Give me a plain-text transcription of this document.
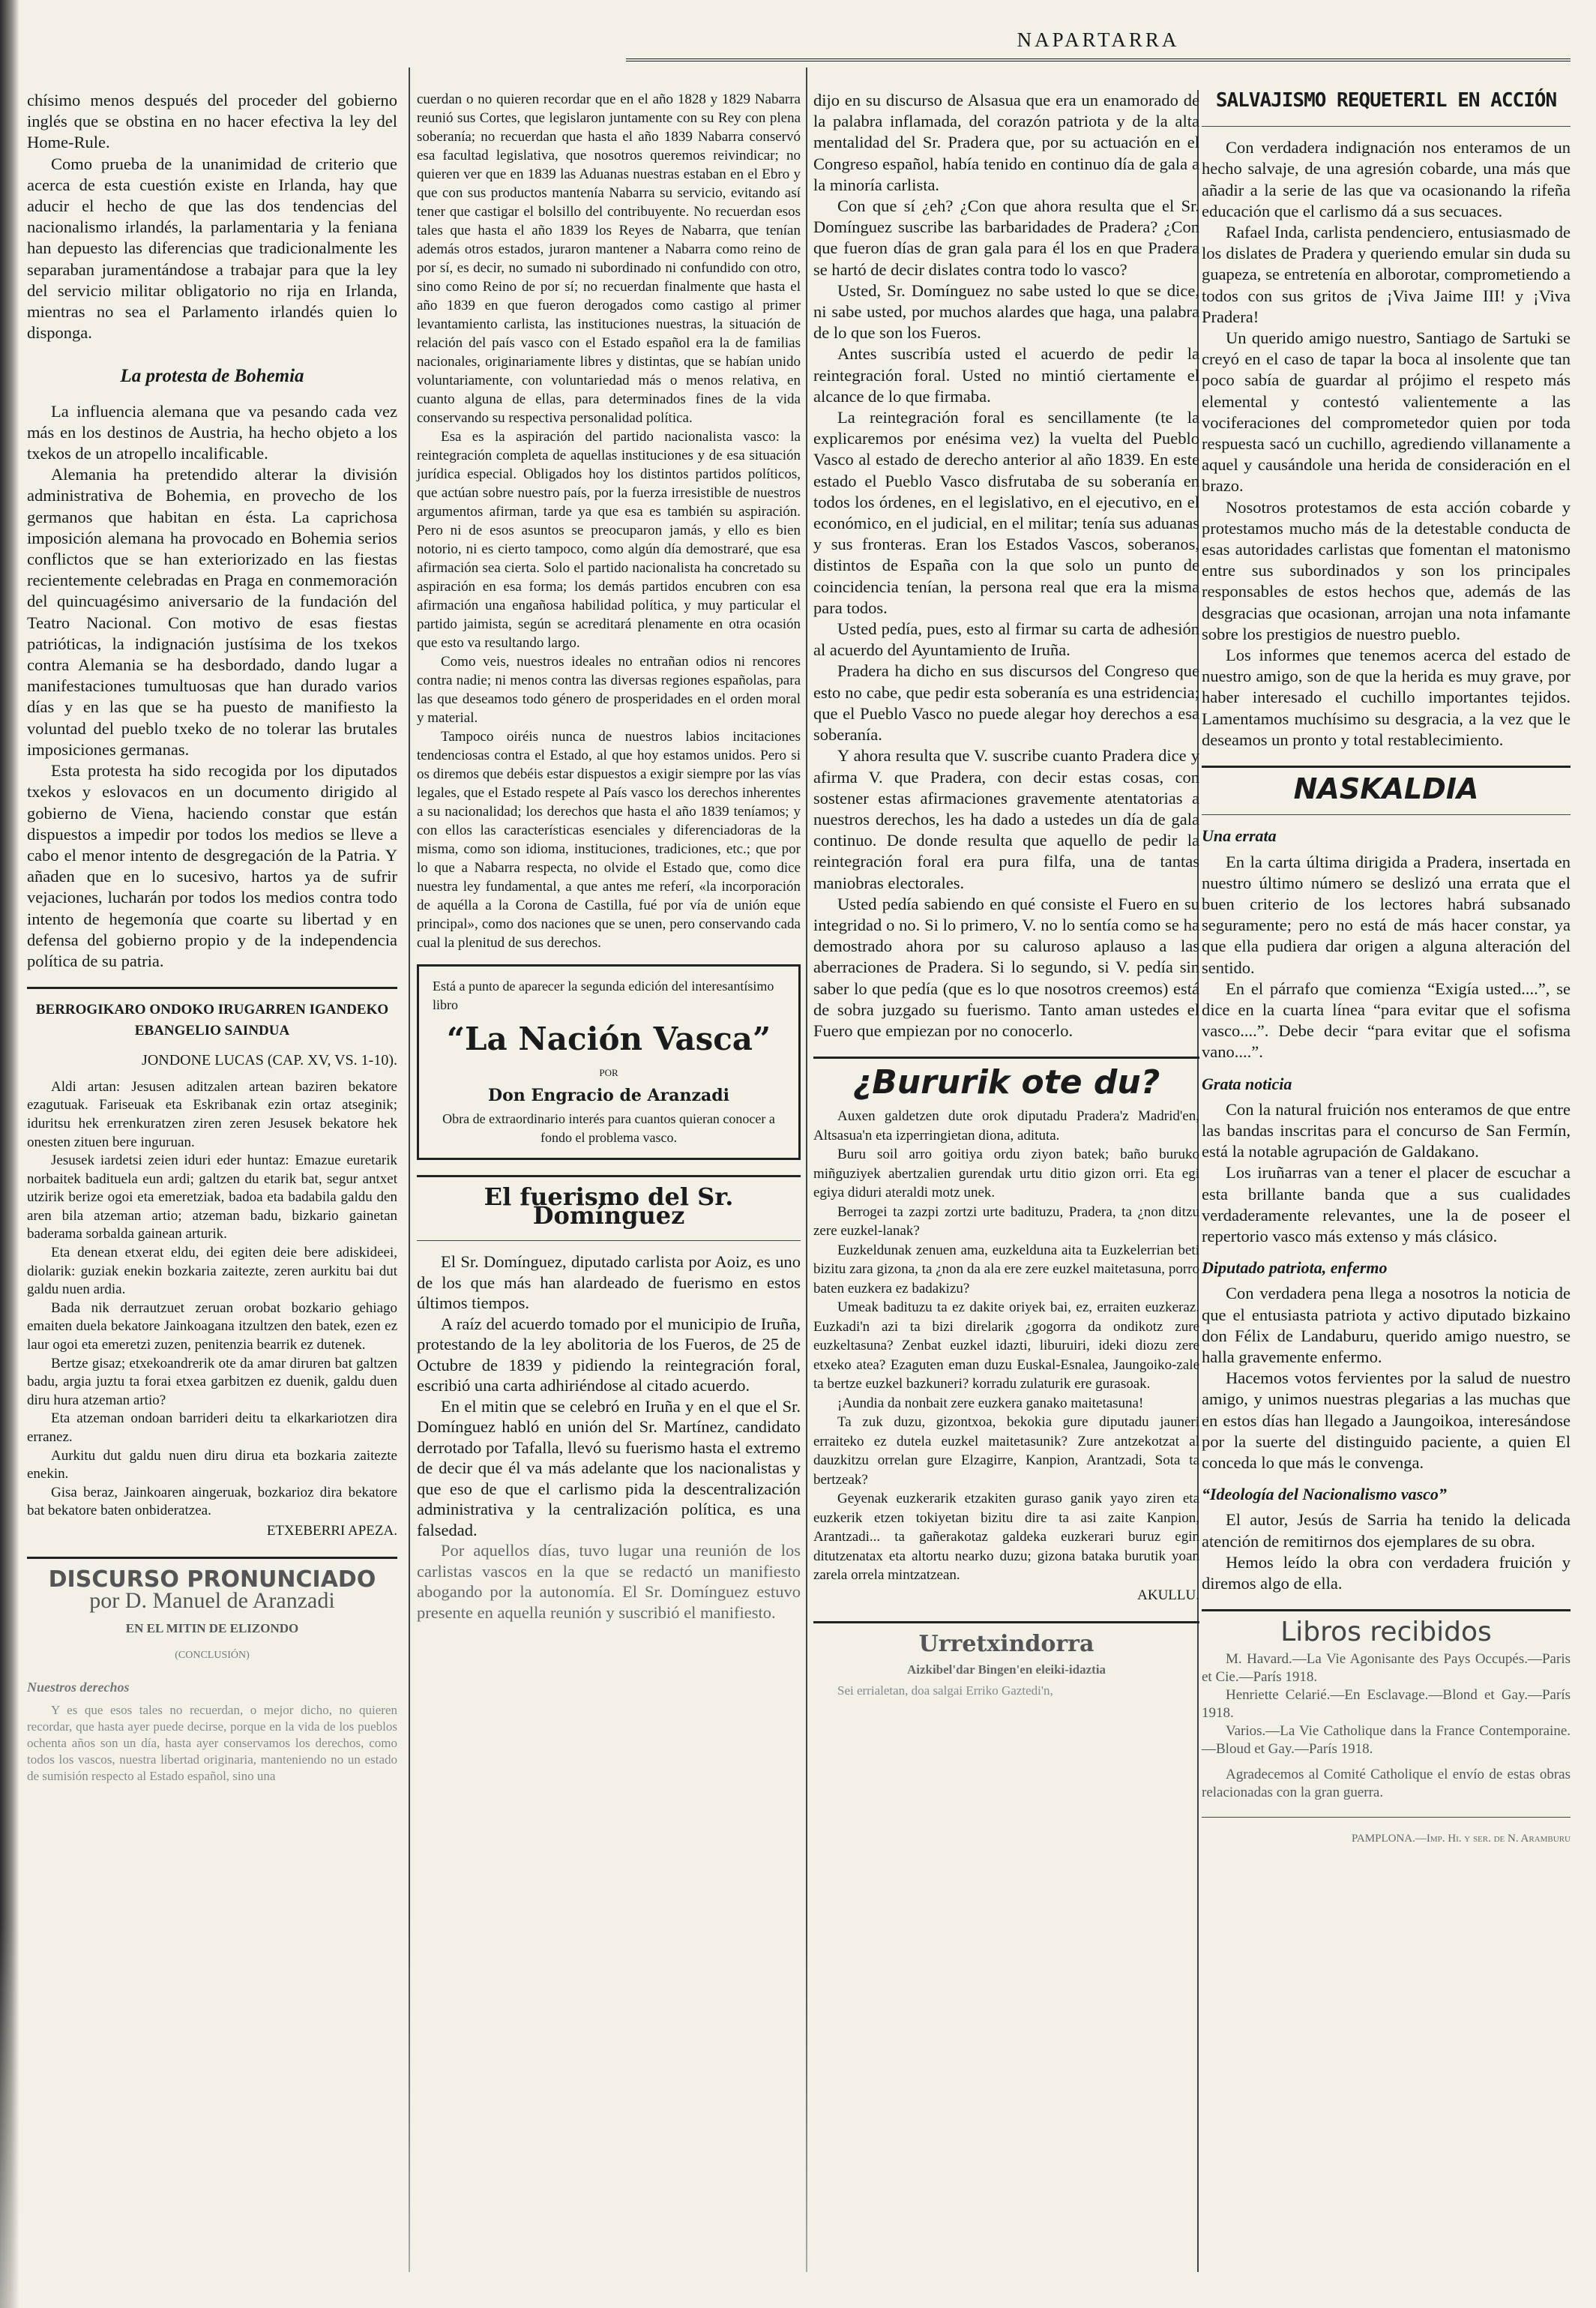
NAPARTARRA

chísimo menos después del proceder del gobierno inglés que se obstina en no hacer efectiva la ley del Home-Rule.

Como prueba de la unanimidad de criterio que acerca de esta cuestión existe en Irlanda, hay que aducir el hecho de que las dos tendencias del nacionalismo irlandés, la parlamentaria y la feniana han depuesto las diferencias que tradicionalmente les separaban juramentándose a trabajar para que la ley del servicio militar obligatorio no rija en Irlanda, mientras no sea el Parlamento irlandés quien lo disponga.

La protesta de Bohemia

La influencia alemana que va pesando cada vez más en los destinos de Austria, ha hecho objeto a los txekos de un atropello incalificable.

Alemania ha pretendido alterar la división administrativa de Bohemia, en provecho de los germanos que habitan en ésta. La caprichosa imposición alemana ha provocado en Bohemia serios conflictos que se han exteriorizado en las fiestas recientemente celebradas en Praga en conmemoración del quincuagésimo aniversario de la fundación del Teatro Nacional. Con motivo de esas fiestas patrióticas, la indignación justísima de los txekos contra Alemania se ha desbordado, dando lugar a manifestaciones tumultuosas que han durado varios días y en las que se ha puesto de manifiesto la voluntad del pueblo txeko de no tolerar las brutales imposiciones germanas.

Esta protesta ha sido recogida por los diputados txekos y eslovacos en un documento dirigido al gobierno de Viena, haciendo constar que están dispuestos a impedir por todos los medios se lleve a cabo el menor intento de desgregación de la Patria. Y añaden que en lo sucesivo, hartos ya de sufrir vejaciones, lucharán por todos los medios contra todo intento de hegemonía que coarte su libertad y en defensa del gobierno propio y de la independencia política de su patria.

BERROGIKARO ONDOKO IRUGARREN IGANDEKO EBANGELIO SAINDUA

JONDONE LUCAS (CAP. XV, VS. 1-10).

Aldi artan: Jesusen aditzalen artean baziren bekatore ezagutuak. Fariseuak eta Eskribanak ezin ortaz atseginik; iduritsu hek errenkuratzen ziren zeren Jesusek bekatore hek onesten zituen bere inguruan.

Jesusek iardetsi zeien iduri eder huntaz: Emazue euretarik norbaitek badituela eun ardi; galtzen du etarik bat, segur antxet utzirik berize ogoi eta emeretziak, badoa eta badabila galdu den aren bila atzeman artio; atzeman badu, bizkario gainetan baderama sorbalda gainean arturik.

Eta denean etxerat eldu, dei egiten deie bere adiskideei, diolarik: guziak enekin bozkaria zaitezte, zeren aurkitu bai dut galdu nuen ardia.

Bada nik derrautzuet zeruan orobat bozkario gehiago emaiten duela bekatore Jainkoagana itzultzen den batek, ezen ez laur ogoi eta emeretzi zuzen, penitenzia bearrik ez dutenek.

Bertze gisaz; etxekoandrerik ote da amar diruren bat galtzen badu, argia juztu ta forai etxea garbitzen ez duenik, galdu duen diru hura atzeman artio?

Eta atzeman ondoan barrideri deitu ta elkarkariotzen dira erranez.

Aurkitu dut galdu nuen diru dirua eta bozkaria zaitezte enekin.

Gisa beraz, Jainkoaren aingeruak, bozkarioz dira bekatore bat bekatore baten onbideratzea.

ETXEBERRI APEZA.

DISCURSO PRONUNCIADO
por D. Manuel de Aranzadi
EN EL MITIN DE ELIZONDO
(CONCLUSIÓN)
Nuestros derechos

Y es que esos tales no recuerdan, o mejor dicho, no quieren recordar, que hasta ayer puede decirse, porque en la vida de los pueblos ochenta años son un día, hasta ayer conservamos los derechos, como todos los vascos, nuestra libertad originaria, manteniendo no un estado de sumisión respecto al Estado español, sino una

cuerdan o no quieren recordar que en el año 1828 y 1829 Nabarra reunió sus Cortes, que legislaron juntamente con su Rey con plena soberanía; no recuerdan que hasta el año 1839 Nabarra conservó esa facultad legislativa, que nosotros queremos reivindicar; no quieren ver que en 1839 las Aduanas nuestras estaban en el Ebro y que con sus productos mantenía Nabarra su servicio, evitando así tener que castigar el bolsillo del contribuyente. No recuerdan esos tales que hasta el año 1839 los Reyes de Nabarra, que tenían además otros estados, juraron mantener a Nabarra como reino de por sí, es decir, no sumado ni subordinado ni confundido con otro, sino como Reino de por sí; no recuerdan finalmente que hasta el año 1839 en que fueron derogados como castigo al primer levantamiento carlista, las instituciones nuestras, la situación de relación del país vasco con el Estado español era la de familias nacionales, originariamente libres y distintas, que se habían unido voluntariamente, con voluntariedad más o menos relativa, en cuanto alguna de ellas, para determinados fines de la vida conservando su respectiva personalidad política.

Esa es la aspiración del partido nacionalista vasco: la reintegración completa de aquellas instituciones y de esa situación jurídica especial. Obligados hoy los distintos partidos políticos, que actúan sobre nuestro país, por la fuerza irresistible de nuestros argumentos afirman, tarde ya que esa es también su aspiración. Pero ni de esos asuntos se preocuparon jamás, y ello es bien notorio, ni es cierto tampoco, como algún día demostraré, que esa afirmación sea cierta. Solo el partido nacionalista ha concretado su aspiración en esa forma; los demás partidos encubren con esa afirmación una engañosa habilidad política, y muy particular el partido jaimista, según se acreditará plenamente en otra ocasión que esto va resultando largo.

Como veis, nuestros ideales no entrañan odios ni rencores contra nadie; ni menos contra las diversas regiones españolas, para las que deseamos todo género de prosperidades en el orden moral y material.

Tampoco oiréis nunca de nuestros labios incitaciones tendenciosas contra el Estado, al que hoy estamos unidos. Pero si os diremos que debéis estar dispuestos a exigir siempre por las vías legales, que el Estado respete al País vasco los derechos inherentes a su nacionalidad; los derechos que hasta el año 1839 teníamos; y con ellos las características esenciales y diferenciadoras de la misma, como son idioma, instituciones, tradiciones, etc.; que por lo que a Nabarra respecta, no olvide el Estado que, como dice nuestra ley fundamental, a que antes me referí, «la incorporación de aquélla a la Corona de Castilla, fué por vía de unión eque principal», como dos naciones que se unen, pero conservando cada cual la plenitud de sus derechos.

Está a punto de aparecer la segunda edición del interesantísimo libro
“La Nación Vasca”
POR
Don Engracio de Aranzadi
Obra de extraordinario interés para cuantos quieran conocer a fondo el problema vasco.
El fuerismo del Sr. Domínguez

El Sr. Domínguez, diputado carlista por Aoiz, es uno de los que más han alardeado de fuerismo en estos últimos tiempos.

A raíz del acuerdo tomado por el municipio de Iruña, protestando de la ley abolitoria de los Fueros, de 25 de Octubre de 1839 y pidiendo la reintegración foral, escribió una carta adhiriéndose al citado acuerdo.

En el mitin que se celebró en Iruña y en el que el Sr. Domínguez habló en unión del Sr. Martínez, candidato derrotado por Tafalla, llevó su fuerismo hasta el extremo de decir que él va más adelante que los nacionalistas y que eso de que el carlismo pida la descentralización administrativa y la centralización política, es una falsedad.

Por aquellos días, tuvo lugar una reunión de los carlistas vascos en la que se redactó un manifiesto abogando por la autonomía. El Sr. Domínguez estuvo presente en aquella reunión y suscribió el manifiesto.

dijo en su discurso de Alsasua que era un enamorado de la palabra inflamada, del corazón patriota y de la alta mentalidad del Sr. Pradera que, por su actuación en el Congreso español, había tenido en continuo día de gala a la minoría carlista.

Con que sí ¿eh? ¿Con que ahora resulta que el Sr. Domínguez suscribe las barbaridades de Pradera? ¿Con que fueron días de gran gala para él los en que Pradera se hartó de decir dislates contra todo lo vasco?

Usted, Sr. Domínguez no sabe usted lo que se dice, ni sabe usted, por muchos alardes que haga, una palabra de lo que son los Fueros.

Antes suscribía usted el acuerdo de pedir la reintegración foral. Usted no mintió ciertamente el alcance de lo que firmaba.

La reintegración foral es sencillamente (te la explicaremos por enésima vez) la vuelta del Pueblo Vasco al estado de derecho anterior al año 1839. En este estado el Pueblo Vasco disfrutaba de su soberanía en todos los órdenes, en el legislativo, en el ejecutivo, en el económico, en el judicial, en el militar; tenía sus aduanas y sus fronteras. Eran los Estados Vascos, soberanos, distintos de España con la que solo un punto de coincidencia tenían, la persona real que era la misma para todos.

Usted pedía, pues, esto al firmar su carta de adhesión al acuerdo del Ayuntamiento de Iruña.

Pradera ha dicho en sus discursos del Congreso que esto no cabe, que pedir esta soberanía es una estridencia; que el Pueblo Vasco no puede alegar hoy derechos a esa soberanía.

Y ahora resulta que V. suscribe cuanto Pradera dice y afirma V. que Pradera, con decir estas cosas, con sostener estas afirmaciones gravemente atentatorias a nuestros derechos, les ha dado a ustedes un día de gala continuo. De donde resulta que aquello de pedir la reintegración foral era pura filfa, una de tantas maniobras electorales.

Usted pedía sabiendo en qué consiste el Fuero en su integridad o no. Si lo primero, V. no lo sentía como se ha demostrado ahora por su caluroso aplauso a las aberraciones de Pradera. Si lo segundo, si V. pedía sin saber lo que pedía (que es lo que nosotros creemos) está de sobra juzgado su fuerismo. Tanto aman ustedes el Fuero que empiezan por no conocerlo.

¿Bururik ote du?

Auxen galdetzen dute orok diputadu Pradera'z Madrid'en, Altsasua'n eta izperringietan diona, adituta.

Buru soil arro goitiya ordu ziyon batek; baño buruko miñguziyek abertzalien gurendak urtu ditio gizon orri. Eta egi egiya diduri ateraldi motz unek.

Berrogei ta zazpi zortzi urte badituzu, Pradera, ta ¿non ditzu zere euzkel-lanak?

Euzkeldunak zenuen ama, euzkelduna aita ta Euzkelerrian beti bizitu zara gizona, ta ¿non da ala ere zere euzkel maitetasuna, porro baten euzkera ez badakizu?

Umeak badituzu ta ez dakite oriyek bai, ez, erraiten euzkeraz. Euzkadi'n azi ta bizi direlarik ¿gogorra da ondikotz zure euzkeltasuna? Zenbat euzkel idazti, liburuiri, ideki diozu zere etxeko atea? Ezaguten eman duzu Euskal-Esnalea, Jaungoiko-zale ta bertze euzkel bazkuneri? korradu zulaturik ere gurasoak.

¡Aundia da nonbait zere euzkera ganako maitetasuna!

Ta zuk duzu, gizontxoa, bekokia gure diputadu jauneri erraiteko ez dutela euzkel maitetasunik? Zure antzekotzat al dauzkitzu orrelan gure Elzagirre, Kanpion, Arantzadi, Sota ta bertzeak?

Geyenak euzkerarik etzakiten guraso ganik yayo ziren eta euzkerik etzen tokiyetan bizitu dire ta asi zaite Kanpion, Arantzadi... ta gañerakotaz galdeka euzkerari buruz egin ditutzenatax eta altortu nearko duzu; gizona bataka burutik yoan zarela orrela mintzatzean.

AKULLU.

Urretxindorra
Aizkibel'dar Bingen'en eleiki-idaztia

Sei errialetan, doa salgai Erriko Gaztedi'n,

SALVAJISMO REQUETERIL EN ACCIÓN

Con verdadera indignación nos enteramos de un hecho salvaje, de una agresión cobarde, una más que añadir a la serie de las que va ocasionando la rifeña educación que el carlismo dá a sus secuaces.

Rafael Inda, carlista pendenciero, entusiasmado de los dislates de Pradera y queriendo emular sin duda su guapeza, se entretenía en alborotar, comprometiendo a todos con sus gritos de ¡Viva Jaime III! y ¡Viva Pradera!

Un querido amigo nuestro, Santiago de Sartuki se creyó en el caso de tapar la boca al insolente que tan poco sabía de guardar al prójimo el respeto más elemental y contestó valientemente a las vociferaciones del comprometedor quien por toda respuesta sacó un cuchillo, agrediendo villanamente a aquel y causándole una herida de consideración en el brazo.

Nosotros protestamos de esta acción cobarde y protestamos mucho más de la detestable conducta de esas autoridades carlistas que fomentan el matonismo entre sus subordinados y son los principales responsables de estos hechos que, además de las desgracias que ocasionan, arrojan una nota infamante sobre los prestigios de nuestro pueblo.

Los informes que tenemos acerca del estado de nuestro amigo, son de que la herida es muy grave, por haber interesado el cuchillo importantes tejidos. Lamentamos muchísimo su desgracia, a la vez que le deseamos un pronto y total restablecimiento.

NASKALDIA
Una errata

En la carta última dirigida a Pradera, insertada en nuestro último número se deslizó una errata que el buen criterio de los lectores habrá subsanado seguramente; pero no está de más hacer constar, ya que ella pudiera dar origen a alguna alteración del sentido.

En el párrafo que comienza “Exigía usted....”, se dice en la cuarta línea “para evitar que el sofisma vasco....”. Debe decir “para evitar que el sofisma vano....”.

Grata noticia

Con la natural fruición nos enteramos de que entre las bandas inscritas para el concurso de San Fermín, está la notable agrupación de Galdakano.

Los iruñarras van a tener el placer de escuchar a esta brillante banda que a sus cualidades verdaderamente relevantes, une la de poseer el repertorio vasco más extenso y más clásico.

Diputado patriota, enfermo

Con verdadera pena llega a nosotros la noticia de que el entusiasta patriota y activo diputado bizkaino don Félix de Landaburu, querido amigo nuestro, se halla gravemente enfermo.

Hacemos votos fervientes por la salud de nuestro amigo, y unimos nuestras plegarias a las muchas que en estos días han llegado a Jaungoikoa, interesándose por la suerte del distinguido paciente, a quien El conceda lo que más le convenga.

“Ideología del Nacionalismo vasco”

El autor, Jesús de Sarria ha tenido la delicada atención de remitirnos dos ejemplares de su obra.

Hemos leído la obra con verdadera fruición y diremos algo de ella.

Libros recibidos

M. Havard.—La Vie Agonisante des Pays Occupés.—Paris et Cie.—París 1918.

Henriette Celarié.—En Esclavage.—Blond et Gay.—París 1918.

Varios.—La Vie Catholique dans la France Contemporaine.—Bloud et Gay.—París 1918.

Agradecemos al Comité Catholique el envío de estas obras relacionadas con la gran guerra.

PAMPLONA.—Imp. Hi. y ser. de N. Aramburu
